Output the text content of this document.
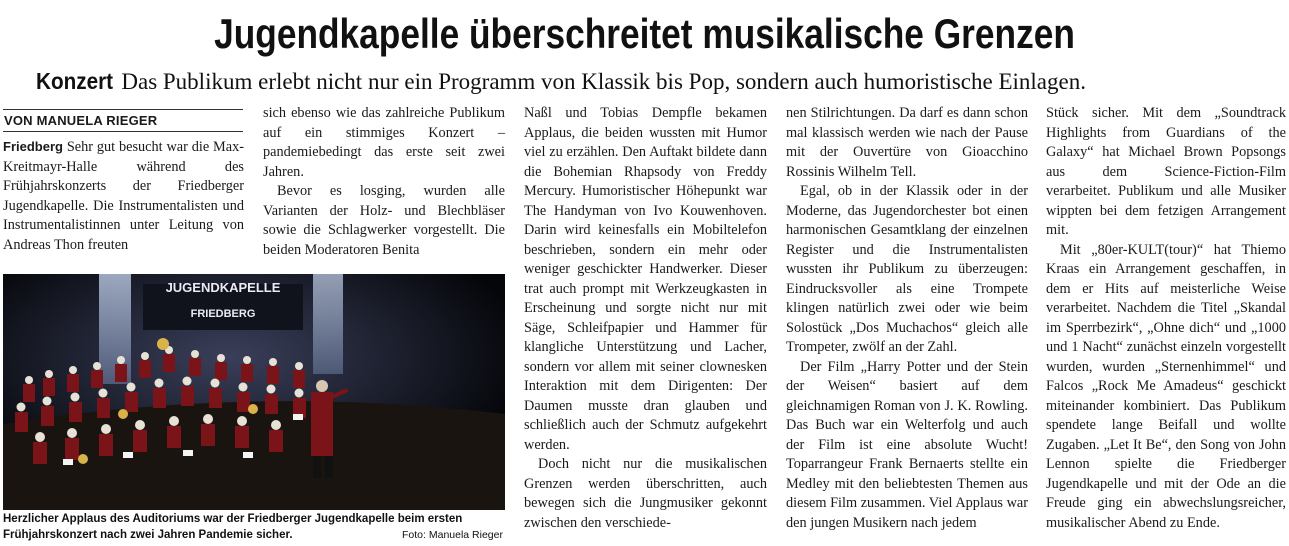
Jugendkapelle überschreitet musikalische Grenzen
Konzert Das Publikum erlebt nicht nur ein Programm von Klassik bis Pop, sondern auch humoristische Einlagen.
VON MANUELA RIEGER

Friedberg Sehr gut besucht war die Max-Kreitmayr-Halle während des Frühjahrskonzerts der Friedberger Jugendkapelle. Die Instrumentalisten und Instrumentalistinnen unter Leitung von Andreas Thon freuten

sich ebenso wie das zahlreiche Publikum auf ein stimmiges Konzert – pandemiebedingt das erste seit zwei Jahren.

Bevor es losging, wurden alle Varianten der Holz- und Blechbläser sowie die Schlagwerker vorgestellt. Die beiden Moderatoren Benita

JUGENDKAPELLE
FRIEDBERG
Herzlicher Applaus des Auditoriums war der Friedberger Jugendkapelle beim ersten Frühjahrskonzert nach zwei Jahren Pandemie sicher.	Foto: Manuela Rieger

Naßl und Tobias Dempfle bekamen Applaus, die beiden wussten mit Humor viel zu erzählen. Den Auftakt bildete dann die Bohemian Rhapsody von Freddy Mercury. Humoristischer Höhepunkt war The Handyman von Ivo Kouwenhoven. Darin wird keinesfalls ein Mobiltelefon beschrieben, sondern ein mehr oder weniger geschickter Handwerker. Dieser trat auch prompt mit Werkzeugkasten in Erscheinung und sorgte nicht nur mit Säge, Schleifpapier und Hammer für klangliche Unterstützung und Lacher, sondern vor allem mit seiner clownesken Interaktion mit dem Dirigenten: Der Daumen musste dran glauben und schließlich auch der Schmutz aufgekehrt werden.

Doch nicht nur die musikalischen Grenzen werden überschritten, auch bewegen sich die Jungmusiker gekonnt zwischen den verschiede-

nen Stilrichtungen. Da darf es dann schon mal klassisch werden wie nach der Pause mit der Ouvertüre von Gioacchino Rossinis Wilhelm Tell.

Egal, ob in der Klassik oder in der Moderne, das Jugendorchester bot einen harmonischen Gesamtklang der einzelnen Register und die Instrumentalisten wussten ihr Publikum zu überzeugen: Eindrucksvoller als eine Trompete klingen natürlich zwei oder wie beim Solostück „Dos Muchachos“ gleich alle Trompeter, zwölf an der Zahl.

Der Film „Harry Potter und der Stein der Weisen“ basiert auf dem gleichnamigen Roman von J. K. Rowling. Das Buch war ein Welterfolg und auch der Film ist eine absolute Wucht! Toparrangeur Frank Bernaerts stellte ein Medley mit den beliebtesten Themen aus diesem Film zusammen. Viel Applaus war den jungen Musikern nach jedem

Stück sicher. Mit dem „Soundtrack Highlights from Guardians of the Galaxy“ hat Michael Brown Popsongs aus dem Science-Fiction-Film verarbeitet. Publikum und alle Musiker wippten bei dem fetzigen Arrangement mit.

Mit „80er-KULT(tour)“ hat Thiemo Kraas ein Arrangement geschaffen, in dem er Hits auf meisterliche Weise verarbeitet. Nachdem die Titel „Skandal im Sperrbezirk“, „Ohne dich“ und „1000 und 1 Nacht“ zunächst einzeln vorgestellt wurden, wurden „Sternenhimmel“ und Falcos „Rock Me Amadeus“ geschickt miteinander kombiniert. Das Publikum spendete lange Beifall und wollte Zugaben. „Let It Be“, den Song von John Lennon spielte die Friedberger Jugendkapelle und mit der Ode an die Freude ging ein abwechslungsreicher, musikalischer Abend zu Ende.
